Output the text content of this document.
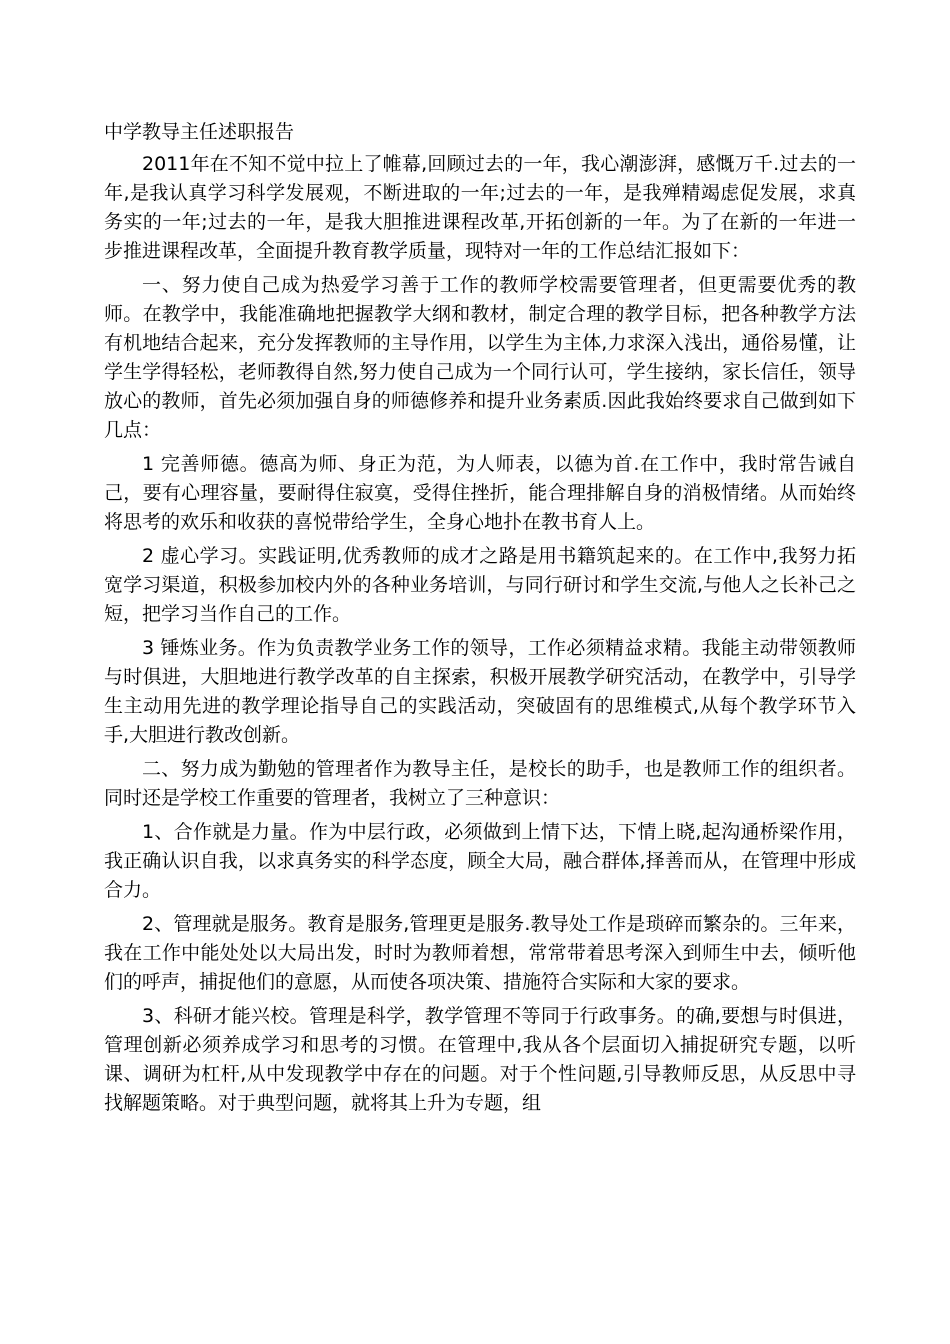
中学教导主任述职报告

2011年在不知不觉中拉上了帷幕,回顾过去的一年，我心潮澎湃，感慨万千.过去的一年,是我认真学习科学发展观，不断进取的一年;过去的一年，是我殚精竭虑促发展，求真务实的一年;过去的一年，是我大胆推进课程改革,开拓创新的一年。为了在新的一年进一步推进课程改革，全面提升教育教学质量，现特对一年的工作总结汇报如下：

一、努力使自己成为热爱学习善于工作的教师学校需要管理者，但更需要优秀的教师。在教学中，我能准确地把握教学大纲和教材，制定合理的教学目标，把各种教学方法有机地结合起来，充分发挥教师的主导作用，以学生为主体,力求深入浅出，通俗易懂，让学生学得轻松，老师教得自然,努力使自己成为一个同行认可，学生接纳，家长信任，领导放心的教师，首先必须加强自身的师德修养和提升业务素质.因此我始终要求自己做到如下几点：

1 完善师德。德高为师、身正为范，为人师表，以德为首.在工作中，我时常告诫自己，要有心理容量，要耐得住寂寞，受得住挫折，能合理排解自身的消极情绪。从而始终将思考的欢乐和收获的喜悦带给学生，全身心地扑在教书育人上。

2 虚心学习。实践证明,优秀教师的成才之路是用书籍筑起来的。在工作中,我努力拓宽学习渠道，积极参加校内外的各种业务培训，与同行研讨和学生交流,与他人之长补己之短，把学习当作自己的工作。

3 锤炼业务。作为负责教学业务工作的领导，工作必须精益求精。我能主动带领教师与时俱进，大胆地进行教学改革的自主探索，积极开展教学研究活动，在教学中，引导学生主动用先进的教学理论指导自己的实践活动，突破固有的思维模式,从每个教学环节入手,大胆进行教改创新。

二、努力成为勤勉的管理者作为教导主任，是校长的助手，也是教师工作的组织者。同时还是学校工作重要的管理者，我树立了三种意识：

1、合作就是力量。作为中层行政，必须做到上情下达，下情上晓,起沟通桥梁作用，我正确认识自我，以求真务实的科学态度，顾全大局，融合群体,择善而从，在管理中形成合力。

2、管理就是服务。教育是服务,管理更是服务.教导处工作是琐碎而繁杂的。三年来，我在工作中能处处以大局出发，时时为教师着想，常常带着思考深入到师生中去，倾听他们的呼声，捕捉他们的意愿，从而使各项决策、措施符合实际和大家的要求。

3、科研才能兴校。管理是科学，教学管理不等同于行政事务。的确,要想与时俱进，管理创新必须养成学习和思考的习惯。在管理中,我从各个层面切入捕捉研究专题，以听课、调研为杠杆,从中发现教学中存在的问题。对于个性问题,引导教师反思，从反思中寻找解题策略。对于典型问题，就将其上升为专题，组
